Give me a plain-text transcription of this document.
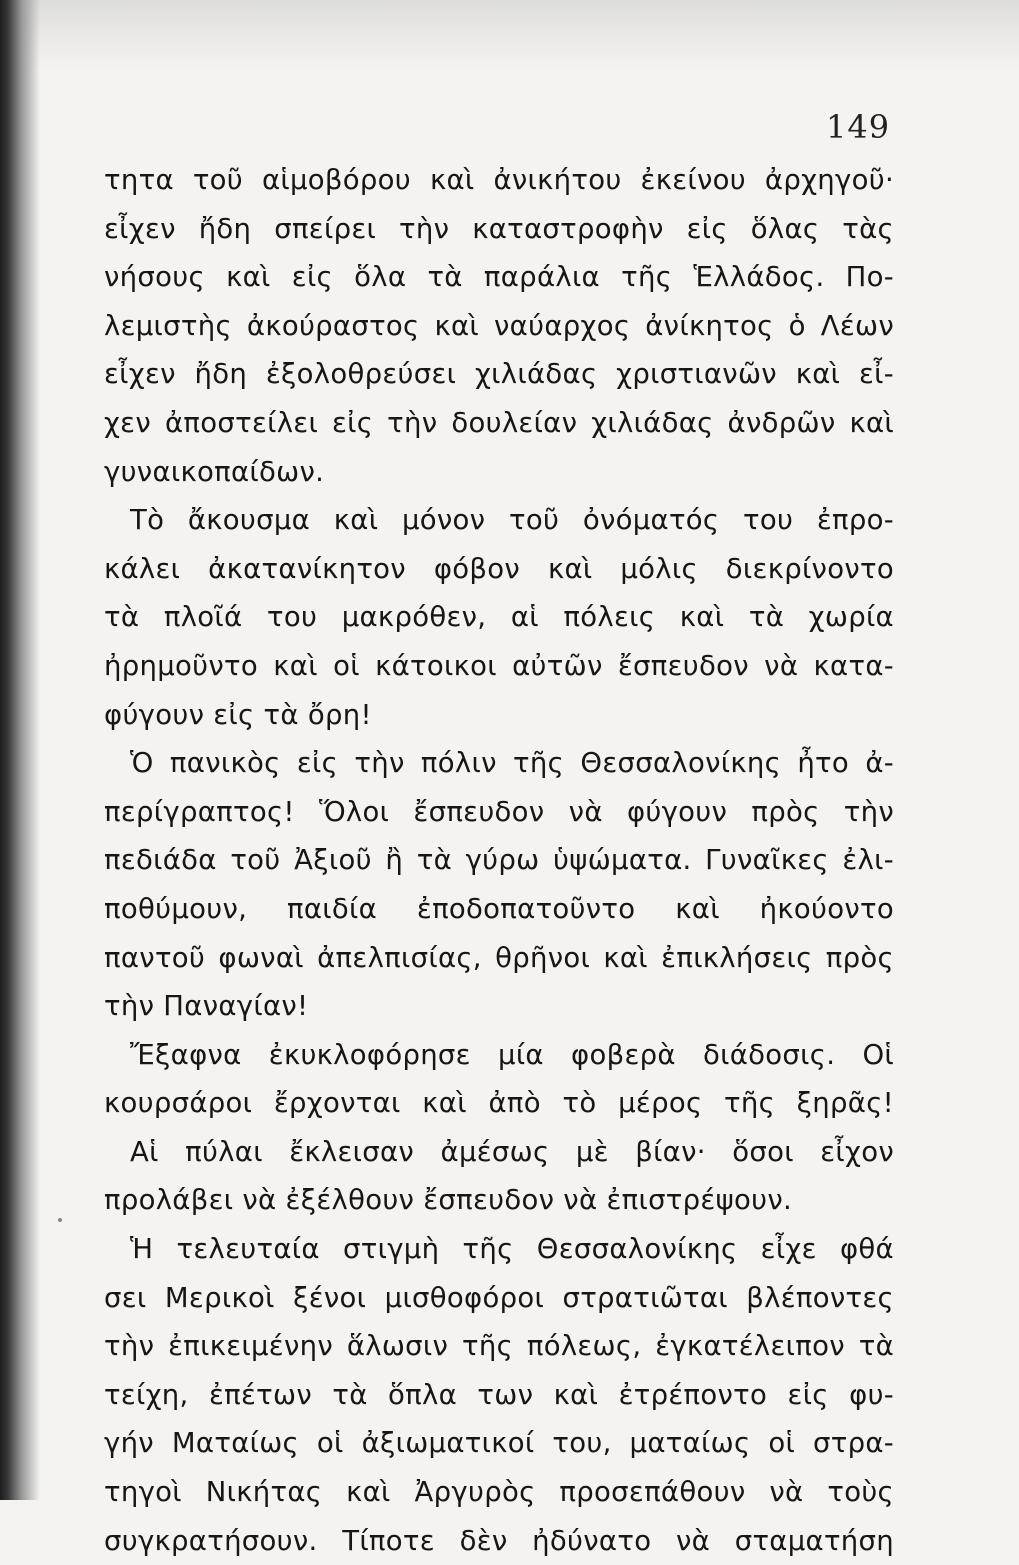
149
τητα τοῦ αἱμοβόρου καὶ ἀνικήτου ἐκείνου ἀρχηγοῦ·
εἶχεν ἤδη σπείρει τὴν καταστροφὴν εἰς ὅλας τὰς
νήσους καὶ εἰς ὅλα τὰ παράλια τῆς Ἑλλάδος. Πο-
λεμιστὴς ἀκούραστος καὶ ναύαρχος ἀνίκητος ὁ Λέων
εἶχεν ἤδη ἐξολοθρεύσει χιλιάδας χριστιανῶν καὶ εἶ-
χεν ἀποστείλει εἰς τὴν δουλείαν χιλιάδας ἀνδρῶν καὶ
γυναικοπαίδων.
Τὸ ἄκουσμα καὶ μόνον τοῦ ὀνόματός του ἐπρο-
κάλει ἀκατανίκητον φόβον καὶ μόλις διεκρίνοντο
τὰ πλοῖά του μακρόθεν, αἱ πόλεις καὶ τὰ χωρία
ἠρημοῦντο καὶ οἱ κάτοικοι αὐτῶν ἔσπευδον νὰ κατα-
φύγουν εἰς τὰ ὄρη!
Ὁ πανικὸς εἰς τὴν πόλιν τῆς Θεσσαλονίκης ἦτο ἀ-
περίγραπτος! Ὅλοι ἔσπευδον νὰ φύγουν πρὸς τὴν
πεδιάδα τοῦ Ἀξιοῦ ἢ τὰ γύρω ὑψώματα. Γυναῖκες ἐλι-
ποθύμουν, παιδία ἐποδοπατοῦντο καὶ ἠκούοντο
παντοῦ φωναὶ ἀπελπισίας, θρῆνοι καὶ ἐπικλήσεις πρὸς
τὴν Παναγίαν!
Ἔξαφνα ἐκυκλοφόρησε μία φοβερὰ διάδοσις. Οἱ
κουρσάροι ἔρχονται καὶ ἀπὸ τὸ μέρος τῆς ξηρᾶς!
Αἱ πύλαι ἔκλεισαν ἀμέσως μὲ βίαν· ὅσοι εἶχον
προλάβει νὰ ἐξέλθουν ἔσπευδον νὰ ἐπιστρέψουν.
Ἡ τελευταία στιγμὴ τῆς Θεσσαλονίκης εἶχε φθά
σει Μερικοὶ ξένοι μισθοφόροι στρατιῶται βλέποντες
τὴν ἐπικειμένην ἅλωσιν τῆς πόλεως, ἐγκατέλειπον τὰ
τείχη, ἐπέτων τὰ ὅπλα των καὶ ἐτρέποντο εἰς φυ-
γήν Ματαίως οἱ ἀξιωματικοί του, ματαίως οἱ στρα-
τηγοὶ Νικήτας καὶ Ἀργυρὸς προσεπάθουν νὰ τοὺς
συγκρατήσουν. Τίποτε δὲν ἠδύνατο νὰ σταματήση
